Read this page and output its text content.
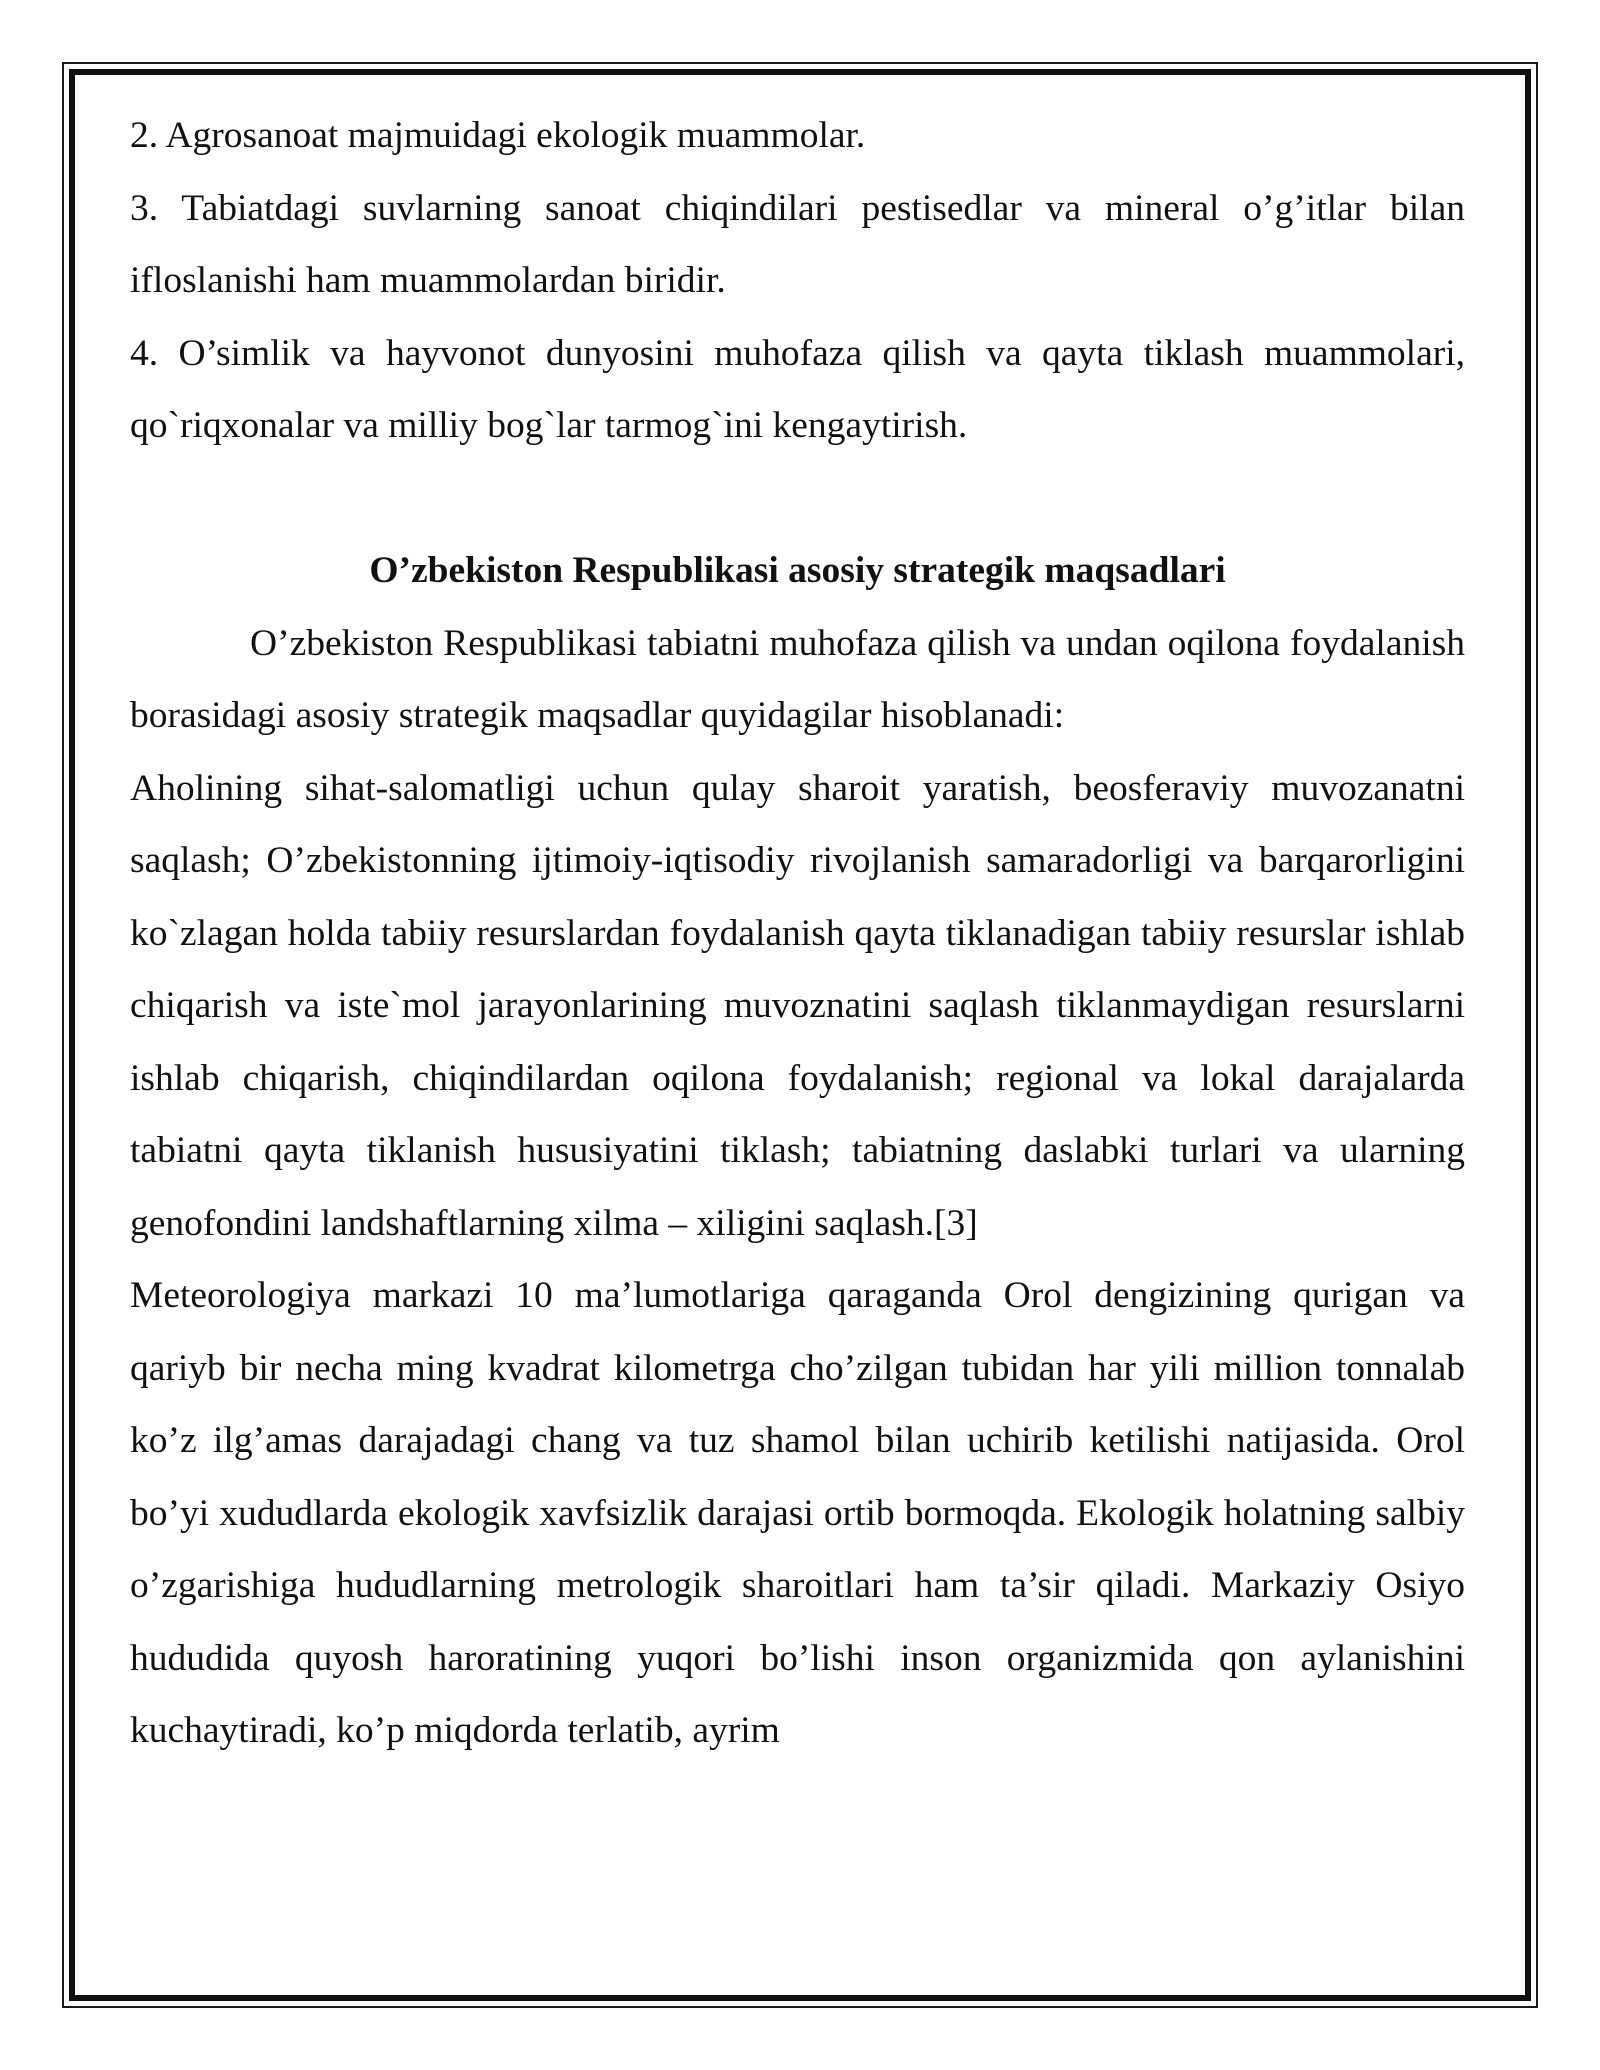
2. Agrosanoat majmuidagi ekologik muammolar.

3. Tabiatdagi suvlarning sanoat chiqindilari pestisedlar va mineral o’g’itlar bilan ifloslanishi ham muammolardan biridir.

4. O’simlik va hayvonot dunyosini muhofaza qilish va qayta tiklash muammolari, qo`riqxonalar va milliy bog`lar tarmog`ini kengaytirish.

O’zbekiston Respublikasi asosiy strategik maqsadlari

O’zbekiston Respublikasi tabiatni muhofaza qilish va undan oqilona foydalanish borasidagi asosiy strategik maqsadlar quyidagilar hisoblanadi:

Aholining sihat-salomatligi uchun qulay sharoit yaratish, beosferaviy muvozanatni saqlash; O’zbekistonning ijtimoiy-iqtisodiy rivojlanish samaradorligi va barqarorligini ko`zlagan holda tabiiy resurslardan foydalanish qayta tiklanadigan tabiiy resurslar ishlab chiqarish va iste`mol jarayonlarining muvoznatini saqlash tiklanmaydigan resurslarni ishlab chiqarish, chiqindilardan oqilona foydalanish; regional va lokal darajalarda tabiatni qayta tiklanish hususiyatini tiklash; tabiatning daslabki turlari va ularning genofondini landshaftlarning xilma – xiligini saqlash.[3]

Meteorologiya markazi 10 ma’lumotlariga qaraganda Orol dengizining qurigan va qariyb bir necha ming kvadrat kilometrga cho’zilgan tubidan har yili million tonnalab ko’z ilg’amas darajadagi chang va tuz shamol bilan uchirib ketilishi natijasida. Orol bo’yi xududlarda ekologik xavfsizlik darajasi ortib bormoqda. Ekologik holatning salbiy o’zgarishiga hududlarning metrologik sharoitlari ham ta’sir qiladi. Markaziy Osiyo hududida quyosh haroratining yuqori bo’lishi inson organizmida qon aylanishini kuchaytiradi, ko’p miqdorda terlatib, ayrim
